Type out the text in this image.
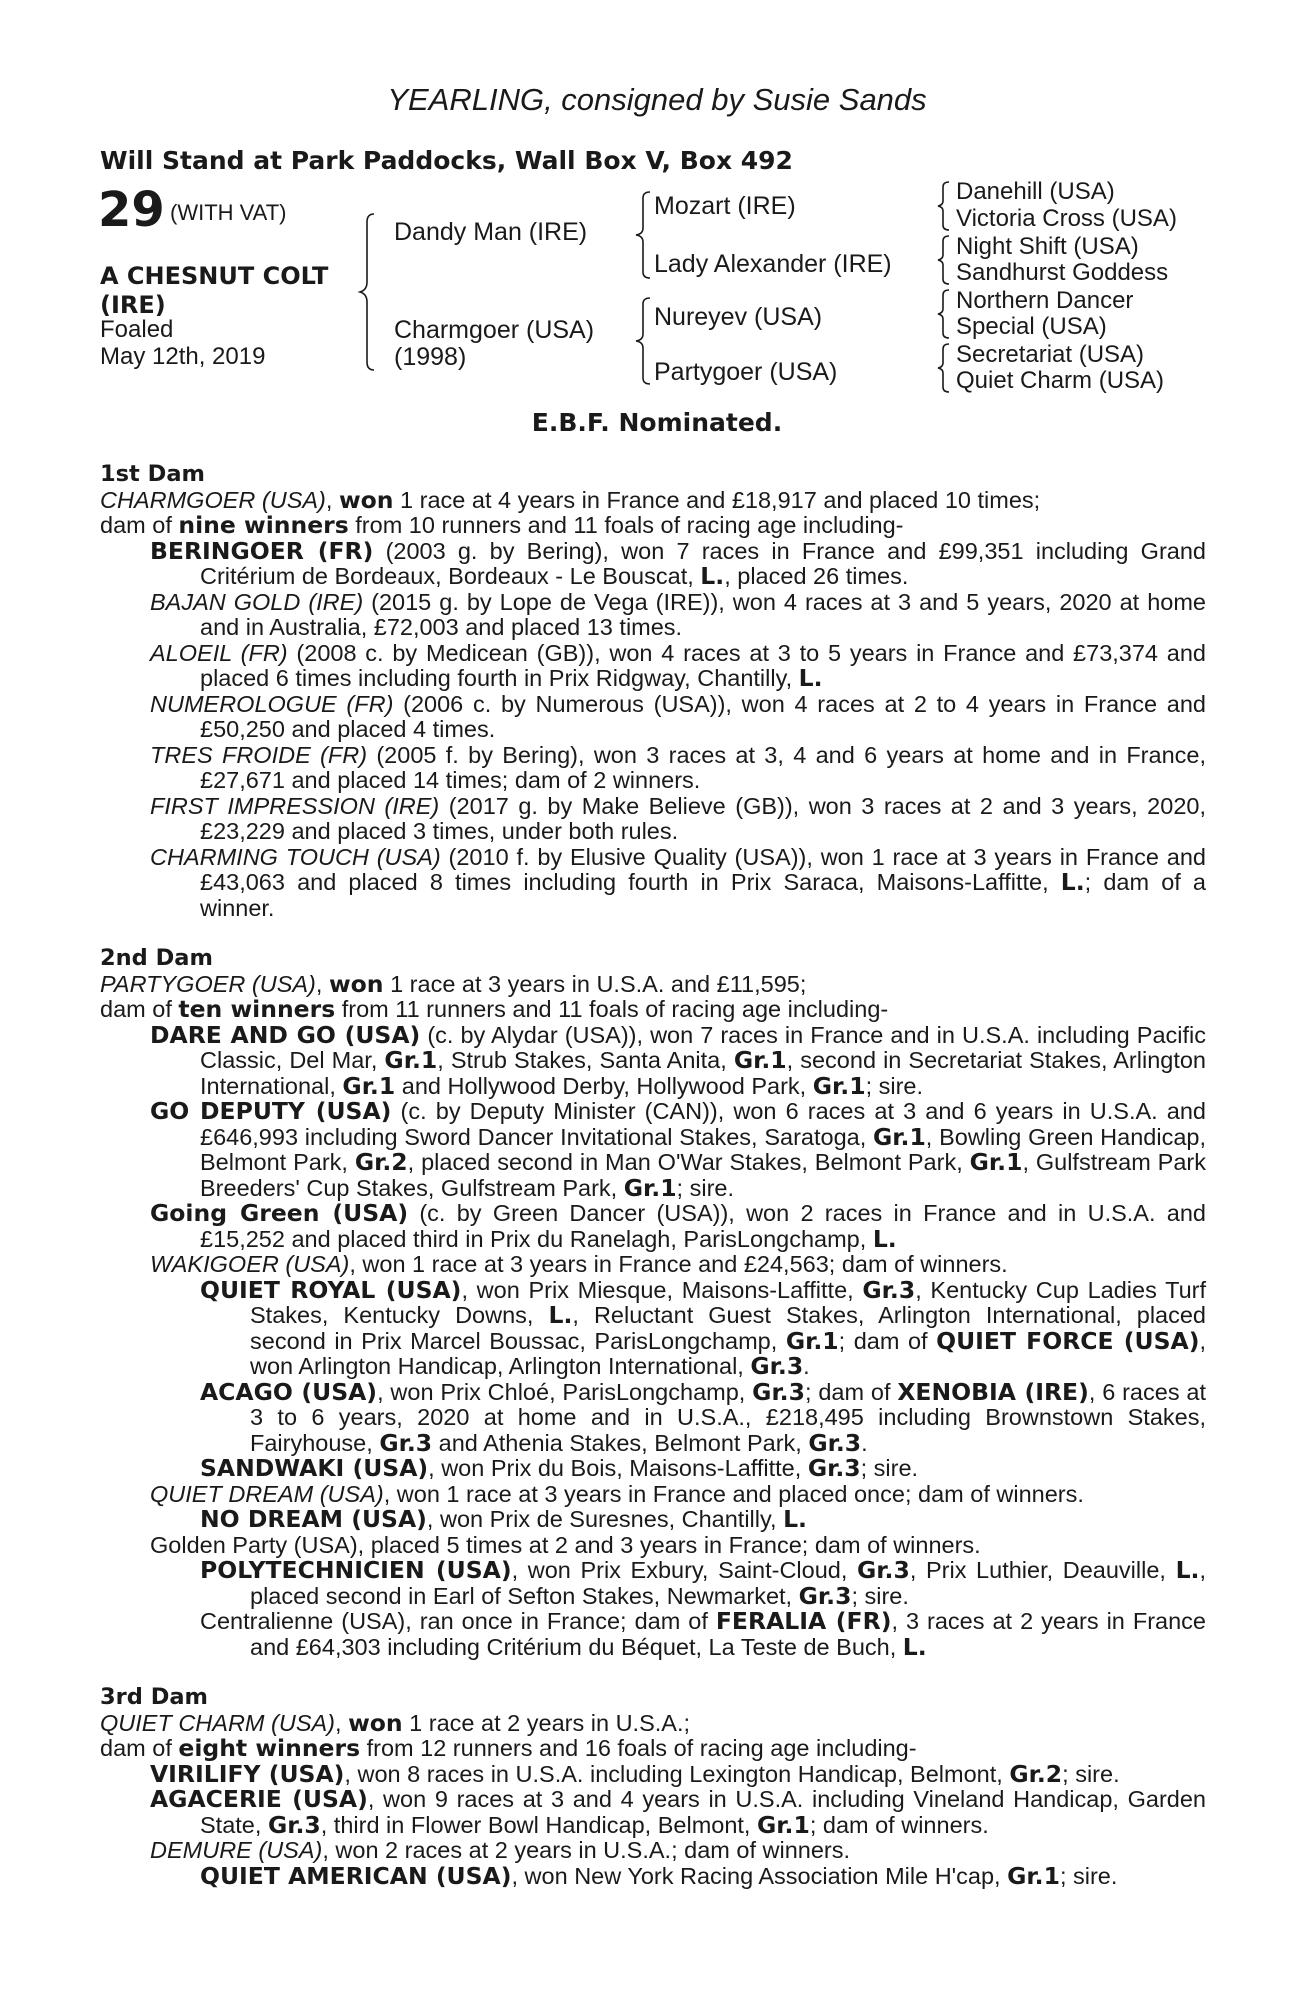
YEARLING, consigned by Susie Sands
Will Stand at Park Paddocks, Wall Box V, Box 492
29 (WITH VAT)
A CHESNUT COLT (IRE)
Foaled
May 12th, 2019
Dandy Man (IRE)
Charmgoer (USA)
(1998)
Mozart (IRE)
Lady Alexander (IRE)
Nureyev (USA)
Partygoer (USA)
Danehill (USA)
Victoria Cross (USA)
Night Shift (USA)
Sandhurst Goddess
Northern Dancer
Special (USA)
Secretariat (USA)
Quiet Charm (USA)
E.B.F. Nominated.

1st Dam

CHARMGOER (USA), won 1 race at 4 years in France and £18,917 and placed 10 times;

dam of nine winners from 10 runners and 11 foals of racing age including-

BERINGOER (FR) (2003 g. by Bering), won 7 races in France and £99,351 including Grand Critérium de Bordeaux, Bordeaux - Le Bouscat, L., placed 26 times.

BAJAN GOLD (IRE) (2015 g. by Lope de Vega (IRE)), won 4 races at 3 and 5 years, 2020 at home and in Australia, £72,003 and placed 13 times.

ALOEIL (FR) (2008 c. by Medicean (GB)), won 4 races at 3 to 5 years in France and £73,374 and placed 6 times including fourth in Prix Ridgway, Chantilly, L.

NUMEROLOGUE (FR) (2006 c. by Numerous (USA)), won 4 races at 2 to 4 years in France and £50,250 and placed 4 times.

TRES FROIDE (FR) (2005 f. by Bering), won 3 races at 3, 4 and 6 years at home and in France, £27,671 and placed 14 times; dam of 2 winners.

FIRST IMPRESSION (IRE) (2017 g. by Make Believe (GB)), won 3 races at 2 and 3 years, 2020, £23,229 and placed 3 times, under both rules.

CHARMING TOUCH (USA) (2010 f. by Elusive Quality (USA)), won 1 race at 3 years in France and £43,063 and placed 8 times including fourth in Prix Saraca, Maisons-Laffitte, L.; dam of a winner.

2nd Dam

PARTYGOER (USA), won 1 race at 3 years in U.S.A. and £11,595;

dam of ten winners from 11 runners and 11 foals of racing age including-

DARE AND GO (USA) (c. by Alydar (USA)), won 7 races in France and in U.S.A. including Pacific Classic, Del Mar, Gr.1, Strub Stakes, Santa Anita, Gr.1, second in Secretariat Stakes, Arlington International, Gr.1 and Hollywood Derby, Hollywood Park, Gr.1; sire.

GO DEPUTY (USA) (c. by Deputy Minister (CAN)), won 6 races at 3 and 6 years in U.S.A. and £646,993 including Sword Dancer Invitational Stakes, Saratoga, Gr.1, Bowling Green Handicap, Belmont Park, Gr.2, placed second in Man O'War Stakes, Belmont Park, Gr.1, Gulfstream Park Breeders' Cup Stakes, Gulfstream Park, Gr.1; sire.

Going Green (USA) (c. by Green Dancer (USA)), won 2 races in France and in U.S.A. and £15,252 and placed third in Prix du Ranelagh, ParisLongchamp, L.

WAKIGOER (USA), won 1 race at 3 years in France and £24,563; dam of winners.

QUIET ROYAL (USA), won Prix Miesque, Maisons-Laffitte, Gr.3, Kentucky Cup Ladies Turf Stakes, Kentucky Downs, L., Reluctant Guest Stakes, Arlington International, placed second in Prix Marcel Boussac, ParisLongchamp, Gr.1; dam of QUIET FORCE (USA), won Arlington Handicap, Arlington International, Gr.3.

ACAGO (USA), won Prix Chloé, ParisLongchamp, Gr.3; dam of XENOBIA (IRE), 6 races at 3 to 6 years, 2020 at home and in U.S.A., £218,495 including Brownstown Stakes, Fairyhouse, Gr.3 and Athenia Stakes, Belmont Park, Gr.3.

SANDWAKI (USA), won Prix du Bois, Maisons-Laffitte, Gr.3; sire.

QUIET DREAM (USA), won 1 race at 3 years in France and placed once; dam of winners.

NO DREAM (USA), won Prix de Suresnes, Chantilly, L.

Golden Party (USA), placed 5 times at 2 and 3 years in France; dam of winners.

POLYTECHNICIEN (USA), won Prix Exbury, Saint-Cloud, Gr.3, Prix Luthier, Deauville, L., placed second in Earl of Sefton Stakes, Newmarket, Gr.3; sire.

Centralienne (USA), ran once in France; dam of FERALIA (FR), 3 races at 2 years in France and £64,303 including Critérium du Béquet, La Teste de Buch, L.

3rd Dam

QUIET CHARM (USA), won 1 race at 2 years in U.S.A.;

dam of eight winners from 12 runners and 16 foals of racing age including-

VIRILIFY (USA), won 8 races in U.S.A. including Lexington Handicap, Belmont, Gr.2; sire.

AGACERIE (USA), won 9 races at 3 and 4 years in U.S.A. including Vineland Handicap, Garden State, Gr.3, third in Flower Bowl Handicap, Belmont, Gr.1; dam of winners.

DEMURE (USA), won 2 races at 2 years in U.S.A.; dam of winners.

QUIET AMERICAN (USA), won New York Racing Association Mile H'cap, Gr.1; sire.
